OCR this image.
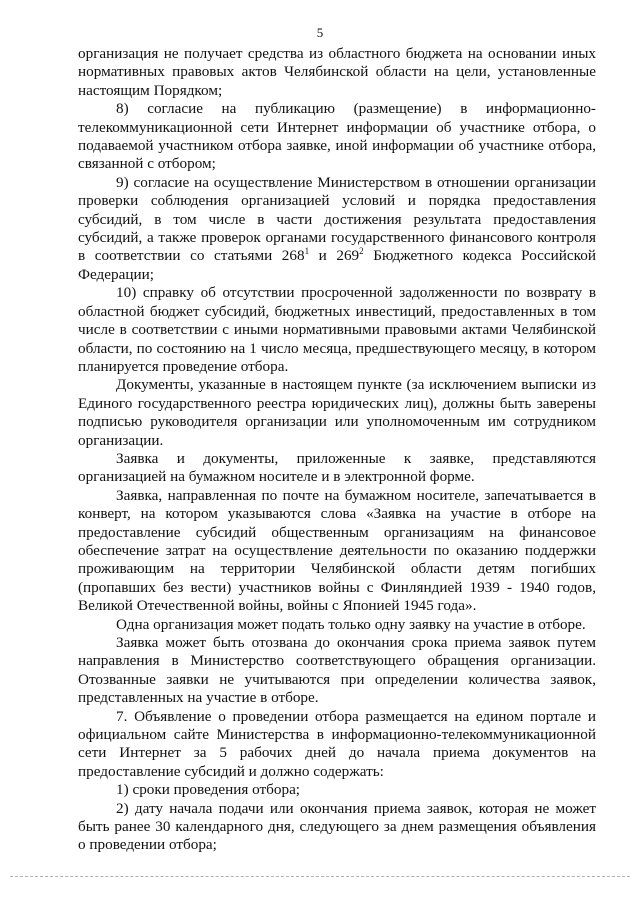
5

организация не получает средства из областного бюджета на основании иных нормативных правовых актов Челябинской области на цели, установленные настоящим Порядком;

8) согласие на публикацию (размещение) в информационно-телекоммуникационной сети Интернет информации об участнике отбора, о подаваемой участником отбора заявке, иной информации об участнике отбора, связанной с отбором;

9) согласие на осуществление Министерством в отношении организации проверки соблюдения организацией условий и порядка предоставления субсидий, в том числе в части достижения результата предоставления субсидий, а также проверок органами государственного финансового контроля в соответствии со статьями $268^1$ и $269^2$ Бюджетного кодекса Российской Федерации;

10) справку об отсутствии просроченной задолженности по возврату в областной бюджет субсидий, бюджетных инвестиций, предоставленных в том числе в соответствии с иными нормативными правовыми актами Челябинской области, по состоянию на 1 число месяца, предшествующего месяцу, в котором планируется проведение отбора.

Документы, указанные в настоящем пункте (за исключением выписки из Единого государственного реестра юридических лиц), должны быть заверены подписью руководителя организации или уполномоченным им сотрудником организации.

Заявка и документы, приложенные к заявке, представляются организацией на бумажном носителе и в электронной форме.

Заявка, направленная по почте на бумажном носителе, запечатывается в конверт, на котором указываются слова «Заявка на участие в отборе на предоставление субсидий общественным организациям на финансовое обеспечение затрат на осуществление деятельности по оказанию поддержки проживающим на территории Челябинской области детям погибших (пропавших без вести) участников войны с Финляндией 1939 - 1940 годов, Великой Отечественной войны, войны с Японией 1945 года».

Одна организация может подать только одну заявку на участие в отборе.

Заявка может быть отозвана до окончания срока приема заявок путем направления в Министерство соответствующего обращения организации. Отозванные заявки не учитываются при определении количества заявок, представленных на участие в отборе.

7. Объявление о проведении отбора размещается на едином портале и официальном сайте Министерства в информационно-телекоммуникационной сети Интернет за 5 рабочих дней до начала приема документов на предоставление субсидий и должно содержать:

1) сроки проведения отбора;

2) дату начала подачи или окончания приема заявок, которая не может быть ранее 30 календарного дня, следующего за днем размещения объявления о проведении отбора;
